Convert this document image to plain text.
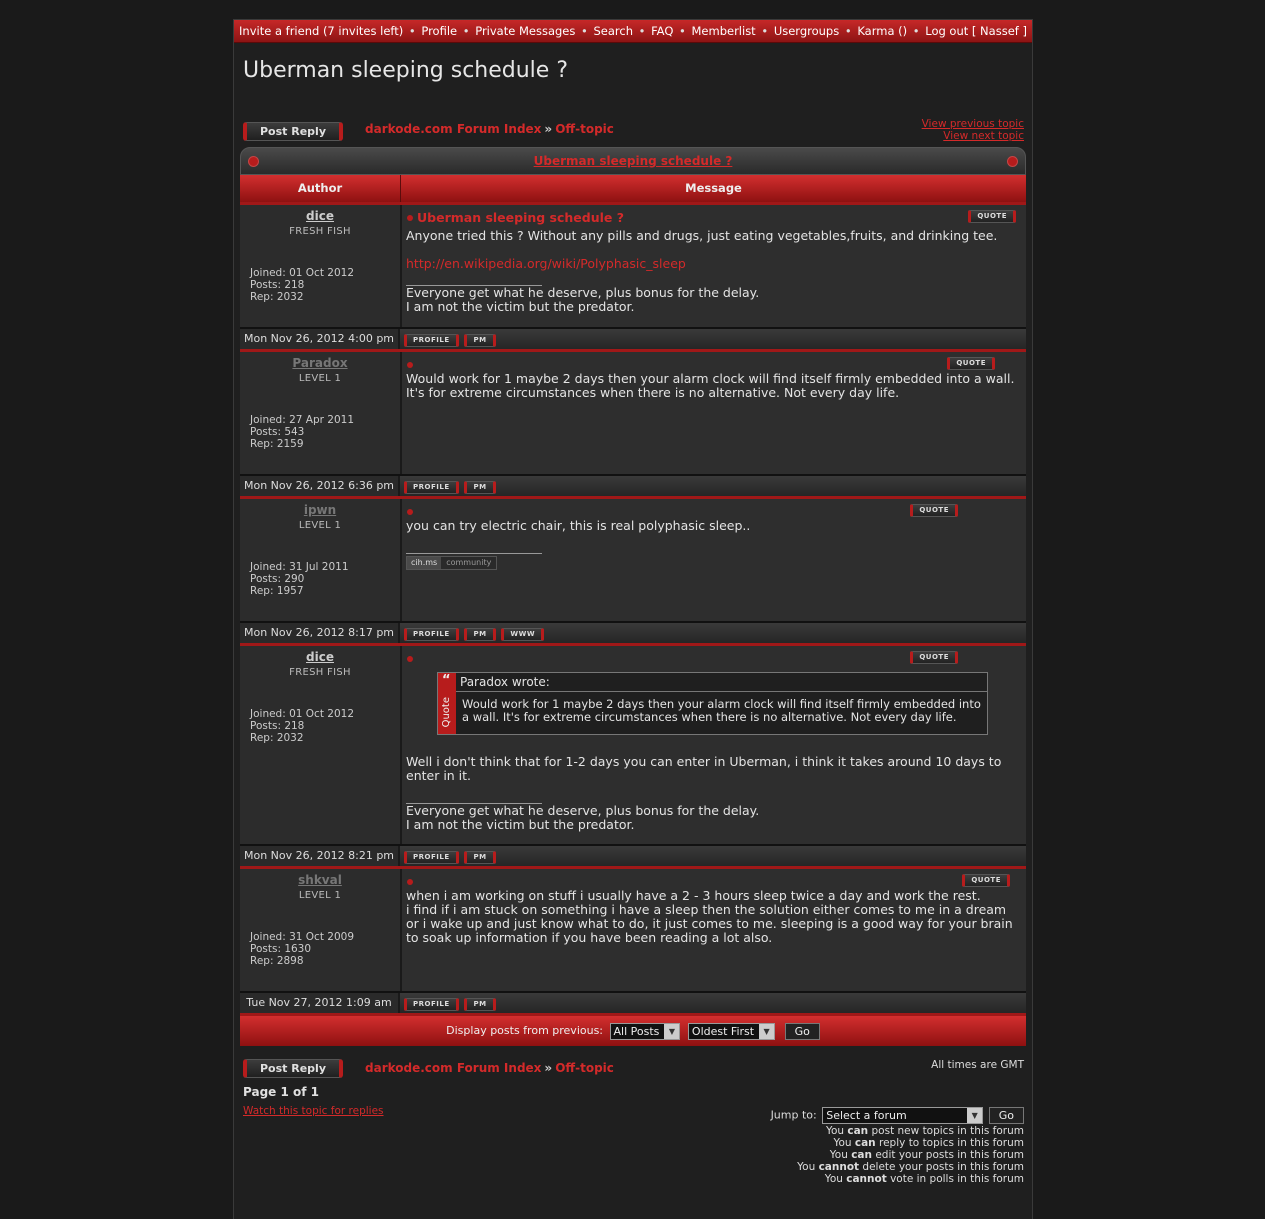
Invite a friend (7 invites left) • Profile • Private Messages • Search • FAQ • Memberlist • Usergroups • Karma () • Log out [ Nassef ]
Uberman sleeping schedule ?
Post Reply	darkode.com Forum Index » Off-topic	View previous topic
View next topic
Uberman sleeping schedule ?
Author	Message
dice
FRESH FISH
Joined: 01 Oct 2012
Posts: 218
Rep: 2032
QUOTE
Uberman sleeping schedule ?
Anyone tried this ? Without any pills and drugs, just eating vegetables,fruits, and drinking tee.
http://en.wikipedia.org/wiki/Polyphasic_sleep
Everyone get what he deserve, plus bonus for the delay.
I am not the victim but the predator.
Mon Nov 26, 2012 4:00 pm	PROFILE	PM
Paradox
LEVEL 1
Joined: 27 Apr 2011
Posts: 543
Rep: 2159
QUOTE
Would work for 1 maybe 2 days then your alarm clock will find itself firmly embedded into a wall.
It's for extreme circumstances when there is no alternative. Not every day life.
Mon Nov 26, 2012 6:36 pm	PROFILE	PM
ipwn
LEVEL 1
Joined: 31 Jul 2011
Posts: 290
Rep: 1957
QUOTE
you can try electric chair, this is real polyphasic sleep..
cih.ms	community
Mon Nov 26, 2012 8:17 pm	PROFILE	PM	WWW
dice
FRESH FISH
Joined: 01 Oct 2012
Posts: 218
Rep: 2032
QUOTE
“
Quote
Paradox wrote:
Would work for 1 maybe 2 days then your alarm clock will find itself firmly embedded into a wall. It's for extreme circumstances when there is no alternative. Not every day life.
Well i don't think that for 1-2 days you can enter in Uberman, i think it takes around 10 days to enter in it.
Everyone get what he deserve, plus bonus for the delay.
I am not the victim but the predator.
Mon Nov 26, 2012 8:21 pm	PROFILE	PM
shkval
LEVEL 1
Joined: 31 Oct 2009
Posts: 1630
Rep: 2898
QUOTE
when i am working on stuff i usually have a 2 - 3 hours sleep twice a day and work the rest.
i find if i am stuck on something i have a sleep then the solution either comes to me in a dream or i wake up and just know what to do, it just comes to me. sleeping is a good way for your brain to soak up information if you have been reading a lot also.
Tue Nov 27, 2012 1:09 am	PROFILE	PM
Display posts from previous: All Posts	▼	Oldest First	▼	Go
Post Reply	darkode.com Forum Index » Off-topic	All times are GMT
Page 1 of 1
Watch this topic for replies	Jump to: Select a forum	▼	Go
You can post new topics in this forum
You can reply to topics in this forum
You can edit your posts in this forum
You cannot delete your posts in this forum
You cannot vote in polls in this forum
